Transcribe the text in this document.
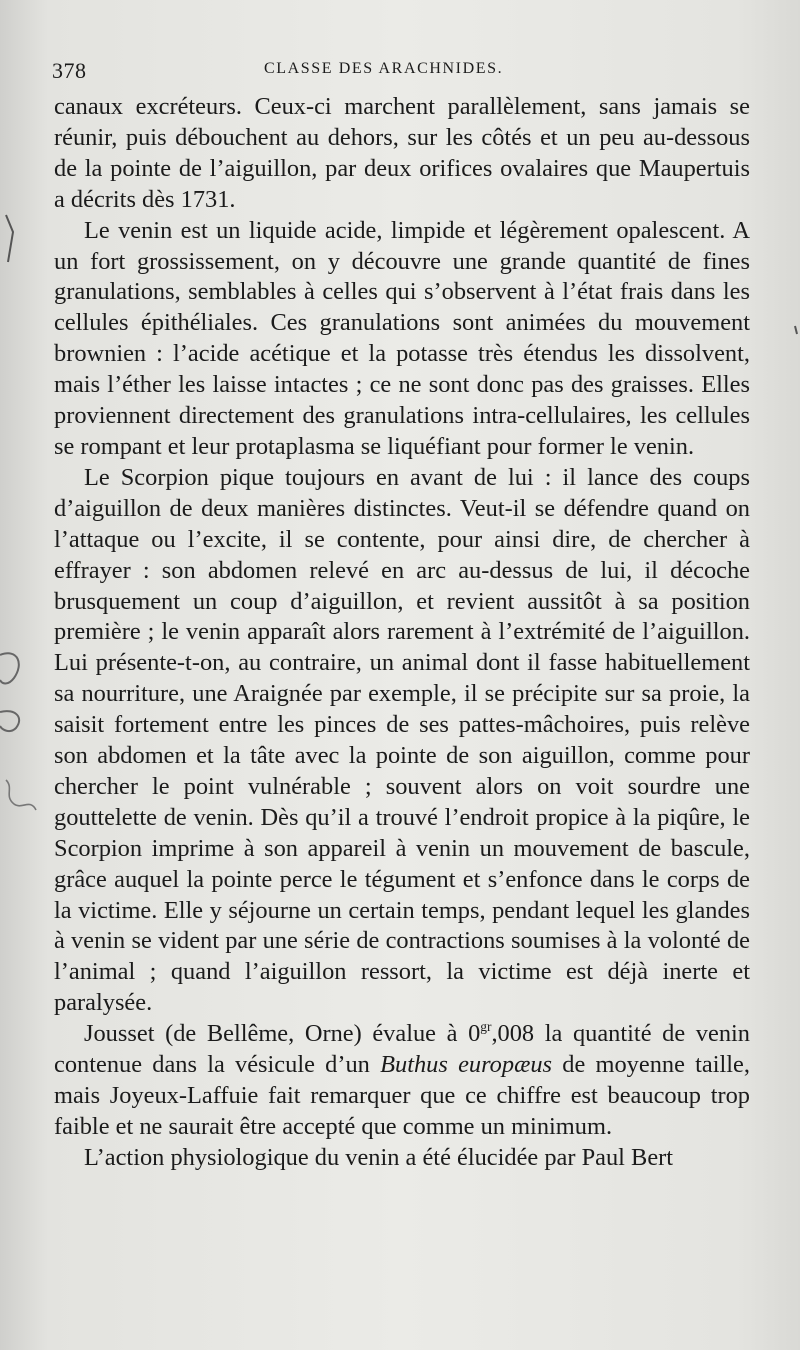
378	CLASSE DES ARACHNIDES.

canaux excréteurs. Ceux-ci marchent parallèlement, sans jamais se réunir, puis débouchent au dehors, sur les côtés et un peu au-dessous de la pointe de l’aiguillon, par deux orifices ovalaires que Maupertuis a décrits dès 1731.

Le venin est un liquide acide, limpide et légèrement opalescent. A un fort grossissement, on y découvre une grande quantité de fines granulations, semblables à celles qui s’observent à l’état frais dans les cellules épithéliales. Ces granulations sont animées du mouvement brownien : l’acide acétique et la potasse très étendus les dissolvent, mais l’éther les laisse intactes ; ce ne sont donc pas des graisses. Elles proviennent directement des granulations intra-cellulaires, les cellules se rompant et leur protaplasma se liquéfiant pour former le venin.

Le Scorpion pique toujours en avant de lui : il lance des coups d’aiguillon de deux manières distinctes. Veut-il se défendre quand on l’attaque ou l’excite, il se contente, pour ainsi dire, de chercher à effrayer : son abdomen relevé en arc au-dessus de lui, il décoche brusquement un coup d’aiguillon, et revient aussitôt à sa position première ; le venin apparaît alors rarement à l’extrémité de l’aiguillon. Lui présente-t-on, au contraire, un animal dont il fasse habituellement sa nourriture, une Araignée par exemple, il se précipite sur sa proie, la saisit fortement entre les pinces de ses pattes-mâchoires, puis relève son abdomen et la tâte avec la pointe de son aiguillon, comme pour chercher le point vulnérable ; souvent alors on voit sourdre une gouttelette de venin. Dès qu’il a trouvé l’endroit propice à la piqûre, le Scorpion imprime à son appareil à venin un mouvement de bascule, grâce auquel la pointe perce le tégument et s’enfonce dans le corps de la victime. Elle y séjourne un certain temps, pendant lequel les glandes à venin se vident par une série de contractions soumises à la volonté de l’animal ; quand l’aiguillon ressort, la victime est déjà inerte et paralysée.

Jousset (de Bellême, Orne) évalue à $0^{gr},008$ la quantité de venin contenue dans la vésicule d’un Buthus europæus de moyenne taille, mais Joyeux-Laffuie fait remarquer que ce chiffre est beaucoup trop faible et ne saurait être accepté que comme un minimum.

L’action physiologique du venin a été élucidée par Paul Bert
